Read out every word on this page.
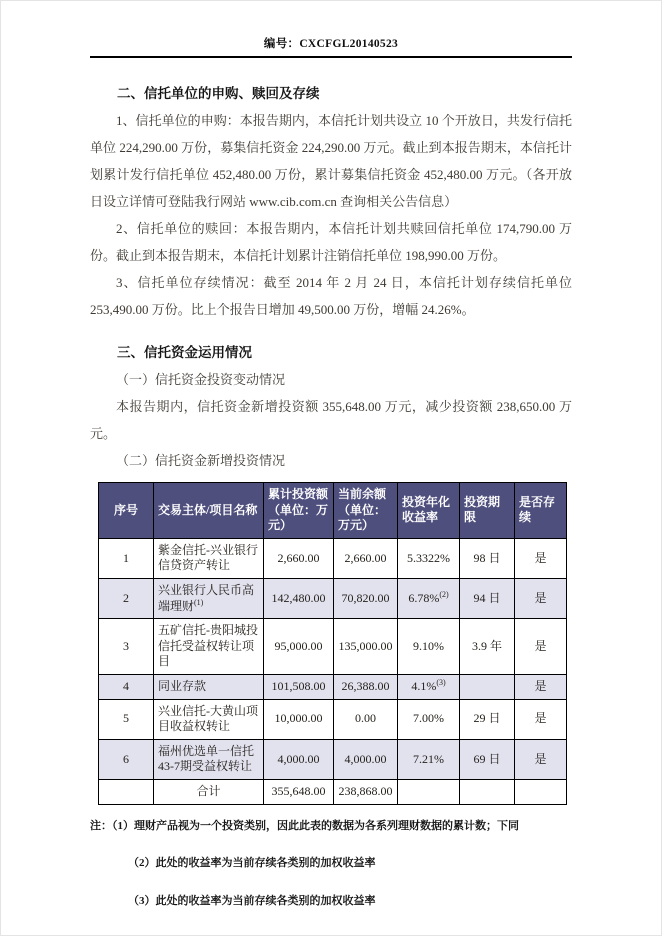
编号：CXCFGL20140523
二、信托单位的申购、赎回及存续

1、信托单位的申购：本报告期内，本信托计划共设立 10 个开放日，共发行信托单位 224,290.00 万份，募集信托资金 224,290.00 万元。截止到本报告期末，本信托计划累计发行信托单位 452,480.00 万份，累计募集信托资金 452,480.00 万元。（各开放日设立详情可登陆我行网站 www.cib.com.cn 查询相关公告信息）

2、信托单位的赎回：本报告期内，本信托计划共赎回信托单位 174,790.00 万份。截止到本报告期末，本信托计划累计注销信托单位 198,990.00 万份。

3、信托单位存续情况：截至 2014 年 2 月 24 日，本信托计划存续信托单位 253,490.00 万份。比上个报告日增加 49,500.00 万份，增幅 24.26%。

三、信托资金运用情况

（一）信托资金投资变动情况

本报告期内，信托资金新增投资额 355,648.00 万元，减少投资额 238,650.00 万元。

（二）信托资金新增投资情况

序号	交易主体/项目名称	累计投资额（单位：万元）	当前余额（单位：万元）	投资年化收益率	投资期限	是否存续
1	紫金信托-兴业银行信贷资产转让	2,660.00	2,660.00	5.3322%	98 日	是
2	兴业银行人民币高端理财$^{(1)}$	142,480.00	70,820.00	6.78%$^{(2)}$	94 日	是
3	五矿信托-贵阳城投信托受益权转让项目	95,000.00	135,000.00	9.10%	3.9 年	是
4	同业存款	101,508.00	26,388.00	4.1%$^{(3)}$		是
5	兴业信托-大黄山项目收益权转让	10,000.00	0.00	7.00%	29 日	是
6	福州优选单一信托43-7期受益权转让	4,000.00	4,000.00	7.21%	69 日	是
	合计	355,648.00	238,868.00			

注：（1）理财产品视为一个投资类别，因此此表的数据为各系列理财数据的累计数；下同

（2）此处的收益率为当前存续各类别的加权收益率

（3）此处的收益率为当前存续各类别的加权收益率
